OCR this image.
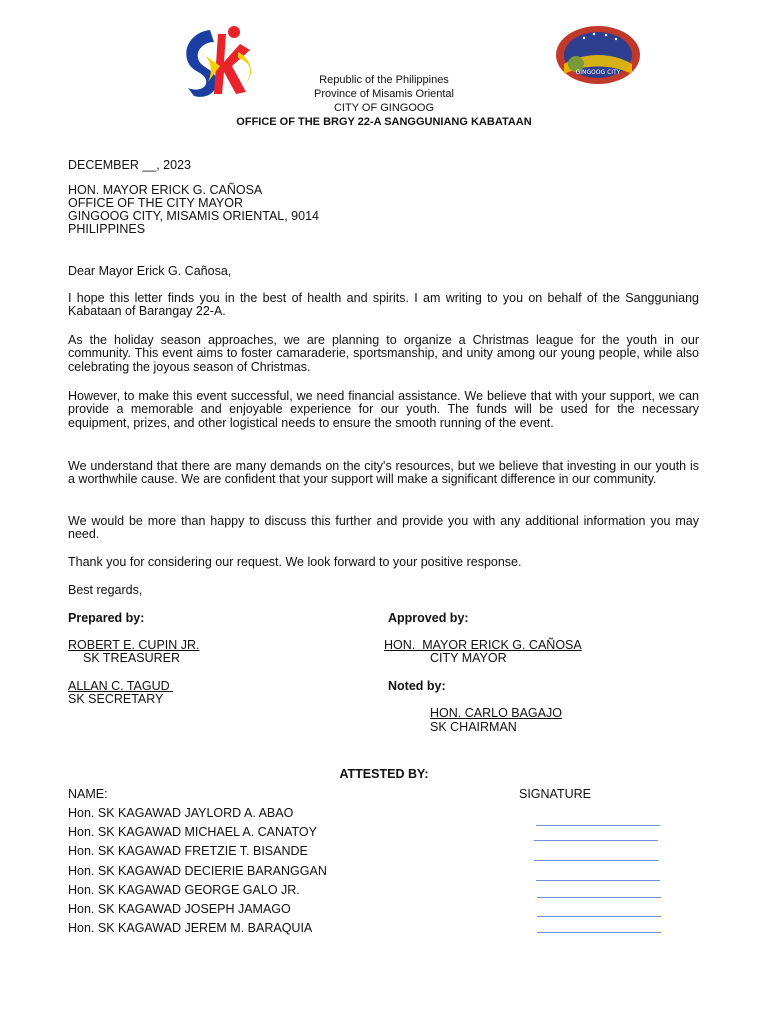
GINGOOG CITY
Republic of the Philippines
Province of Misamis Oriental
CITY OF GINGOOG
OFFICE OF THE BRGY 22-A SANGGUNIANG KABATAAN
DECEMBER __, 2023
HON. MAYOR ERICK G. CAÑOSA
OFFICE OF THE CITY MAYOR
GINGOOG CITY, MISAMIS ORIENTAL, 9014
PHILIPPINES
Dear Mayor Erick G. Cañosa,
I hope this letter finds you in the best of health and spirits. I am writing to you on behalf of the Sangguniang Kabataan of Barangay 22-A.
As the holiday season approaches, we are planning to organize a Christmas league for the youth in our community. This event aims to foster camaraderie, sportsmanship, and unity among our young people, while also celebrating the joyous season of Christmas.
However, to make this event successful, we need financial assistance. We believe that with your support, we can provide a memorable and enjoyable experience for our youth. The funds will be used for the necessary equipment, prizes, and other logistical needs to ensure the smooth running of the event.
We understand that there are many demands on the city's resources, but we believe that investing in our youth is a worthwhile cause. We are confident that your support will make a significant difference in our community.
We would be more than happy to discuss this further and provide you with any additional information you may need.
Thank you for considering our request. We look forward to your positive response.
Best regards,
Prepared by:	Approved by:
ROBERT E. CUPIN JR.
SK TREASURER
HON.  MAYOR ERICK G. CAÑOSA
CITY MAYOR
ALLAN C. TAGUD
SK SECRETARY
Noted by:
HON. CARLO BAGAJO
SK CHAIRMAN
ATTESTED BY:
NAME:	SIGNATURE
Hon. SK KAGAWAD JAYLORD A. ABAO
Hon. SK KAGAWAD MICHAEL A. CANATOY
Hon. SK KAGAWAD FRETZIE T. BISANDE
Hon. SK KAGAWAD DECIERIE BARANGGAN
Hon. SK KAGAWAD GEORGE GALO JR.
Hon. SK KAGAWAD JOSEPH JAMAGO
Hon. SK KAGAWAD JEREM M. BARAQUIA
